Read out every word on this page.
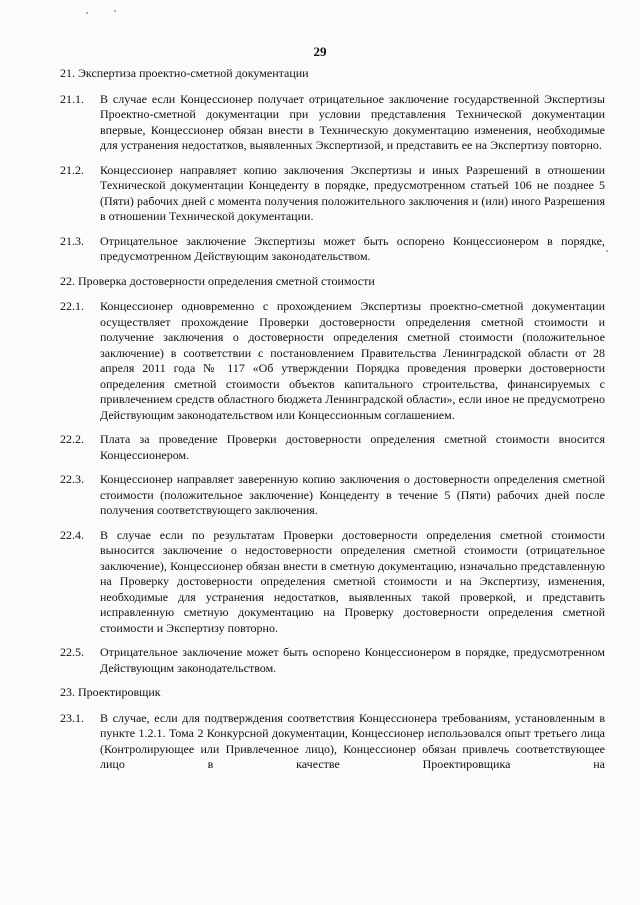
29
21. Экспертиза проектно-сметной документации
21.1.	В случае если Концессионер получает отрицательное заключение государственной Экспертизы Проектно-сметной документации при условии представления Технической документации впервые, Концессионер обязан внести в Техническую документацию изменения, необходимые для устранения недостатков, выявленных Экспертизой, и представить ее на Экспертизу повторно.
21.2.	Концессионер направляет копию заключения Экспертизы и иных Разрешений в отношении Технической документации Концеденту в порядке, предусмотренном статьей 106 не позднее 5 (Пяти) рабочих дней с момента получения положительного заключения и (или) иного Разрешения в отношении Технической документации.
21.3.	Отрицательное заключение Экспертизы может быть оспорено Концессионером в порядке, предусмотренном Действующим законодательством.
22. Проверка достоверности определения сметной стоимости
22.1.	Концессионер одновременно с прохождением Экспертизы проектно-сметной документации осуществляет прохождение Проверки достоверности определения сметной стоимости и получение заключения о достоверности определения сметной стоимости (положительное заключение) в соответствии с постановлением Правительства Ленинградской области от 28 апреля 2011 года № 117 «Об утверждении Порядка проведения проверки достоверности определения сметной стоимости объектов капитального строительства, финансируемых с привлечением средств областного бюджета Ленинградской области», если иное не предусмотрено Действующим законодательством или Концессионным соглашением.
22.2.	Плата за проведение Проверки достоверности определения сметной стоимости вносится Концессионером.
22.3.	Концессионер направляет заверенную копию заключения о достоверности определения сметной стоимости (положительное заключение) Концеденту в течение 5 (Пяти) рабочих дней после получения соответствующего заключения.
22.4.	В случае если по результатам Проверки достоверности определения сметной стоимости выносится заключение о недостоверности определения сметной стоимости (отрицательное заключение), Концессионер обязан внести в сметную документацию, изначально представленную на Проверку достоверности определения сметной стоимости и на Экспертизу, изменения, необходимые для устранения недостатков, выявленных такой проверкой, и представить исправленную сметную документацию на Проверку достоверности определения сметной стоимости и Экспертизу повторно.
22.5.	Отрицательное заключение может быть оспорено Концессионером в порядке, предусмотренном Действующим законодательством.
23. Проектировщик
23.1.	В случае, если для подтверждения соответствия Концессионера требованиям, установленным в пункте 1.2.1. Тома 2 Конкурсной документации, Концессионер использовался опыт третьего лица (Контролирующее или Привлеченное лицо), Концессионер обязан привлечь соответствующее лицо в качестве Проектировщика на
